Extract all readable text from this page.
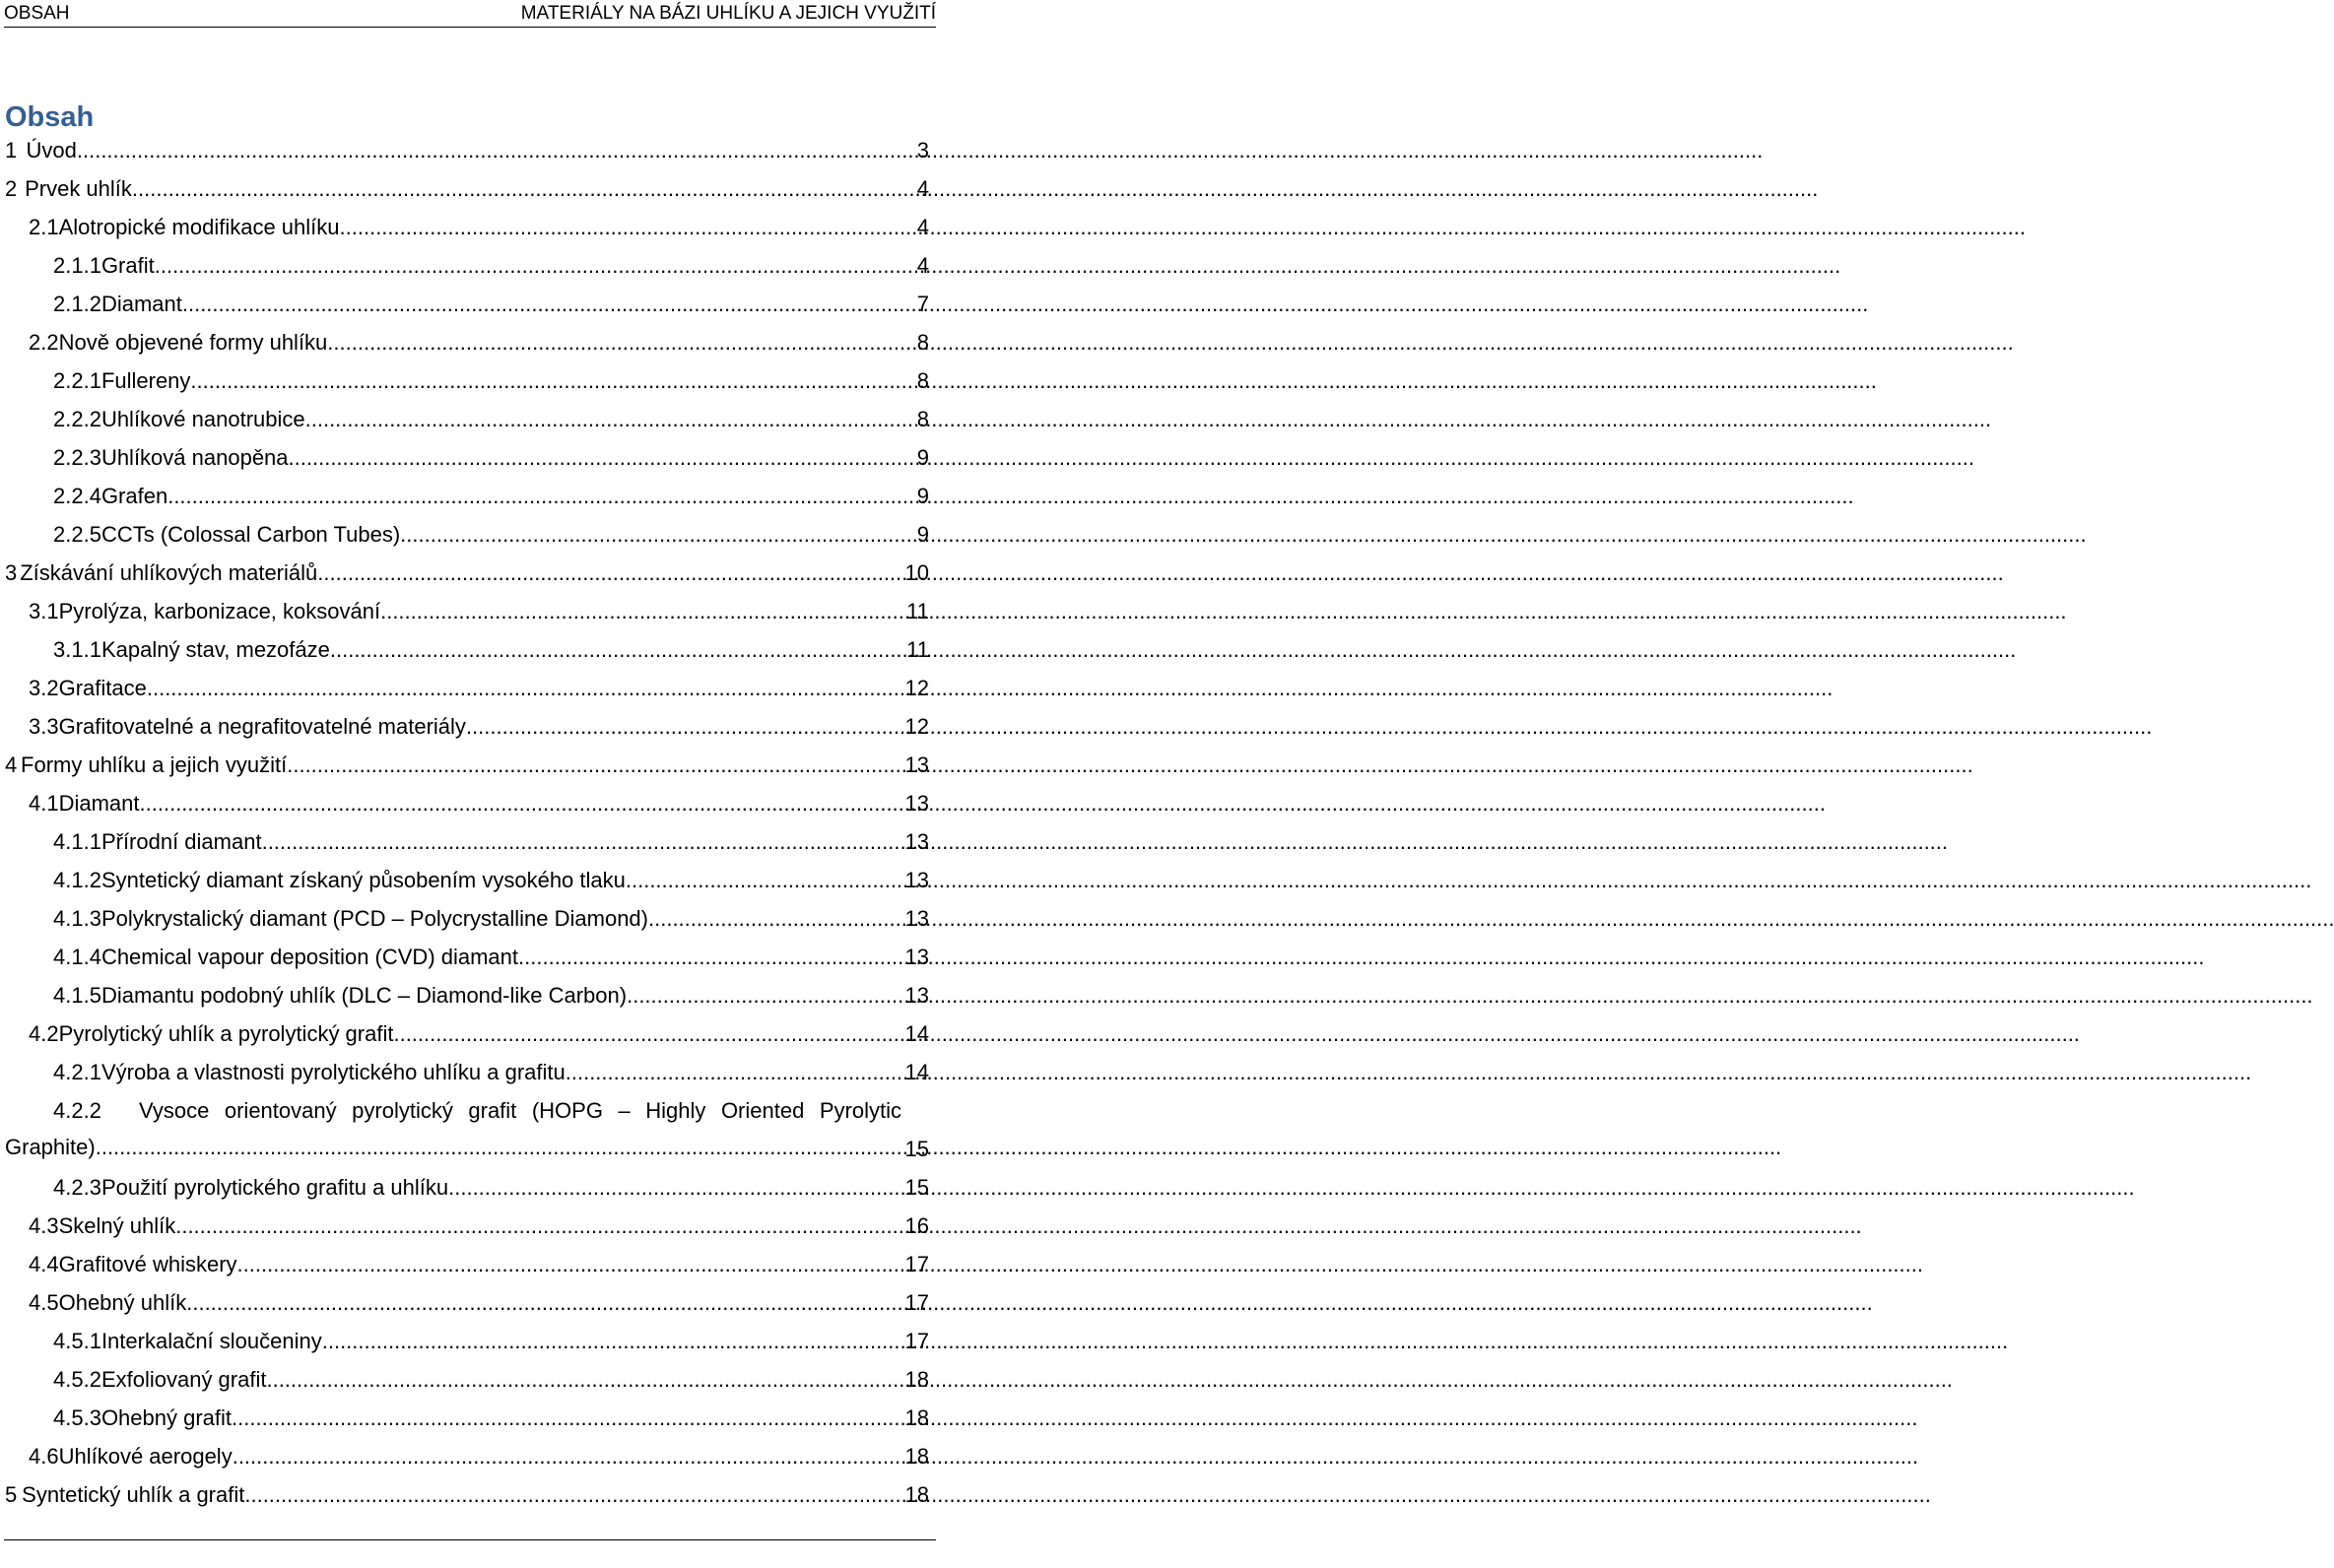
OBSAH	MATERIÁLY NA BÁZI UHLÍKU A JEJICH VYUŽITÍ
Obsah
1 Úvod .....	3
2 Prvek uhlík .....	4
2.1 Alotropické modifikace uhlíku .....	4
2.1.1 Grafit .....	4
2.1.2 Diamant .....	7
2.2 Nově objevené formy uhlíku .....	8
2.2.1 Fullereny .....	8
2.2.2 Uhlíkové nanotrubice .....	8
2.2.3 Uhlíková nanopěna .....	9
2.2.4 Grafen .....	9
2.2.5 CCTs (Colossal Carbon Tubes) .....	9
3 Získávání uhlíkových materiálů .....	10
3.1 Pyrolýza, karbonizace, koksování .....	11
3.1.1 Kapalný stav, mezofáze .....	11
3.2 Grafitace .....	12
3.3 Grafitovatelné a negrafitovatelné materiály .....	12
4 Formy uhlíku a jejich využití .....	13
4.1 Diamant .....	13
4.1.1 Přírodní diamant .....	13
4.1.2 Syntetický diamant získaný působením vysokého tlaku .....	13
4.1.3 Polykrystalický diamant (PCD – Polycrystalline Diamond) .....	13
4.1.4 Chemical vapour deposition (CVD) diamant .....	13
4.1.5 Diamantu podobný uhlík (DLC – Diamond-like Carbon) .....	13
4.2 Pyrolytický uhlík a pyrolytický grafit .....	14
4.2.1 Výroba a vlastnosti pyrolytického uhlíku a grafitu .....	14
4.2.2 Vysoce orientovaný pyrolytický grafit (HOPG – Highly Oriented Pyrolytic
Graphite) .....	15
4.2.3 Použití pyrolytického grafitu a uhlíku .....	15
4.3 Skelný uhlík .....	16
4.4 Grafitové whiskery .....	17
4.5 Ohebný uhlík .....	17
4.5.1 Interkalační sloučeniny .....	17
4.5.2 Exfoliovaný grafit .....	18
4.5.3 Ohebný grafit .....	18
4.6 Uhlíkové aerogely .....	18
5 Syntetický uhlík a grafit .....	18
